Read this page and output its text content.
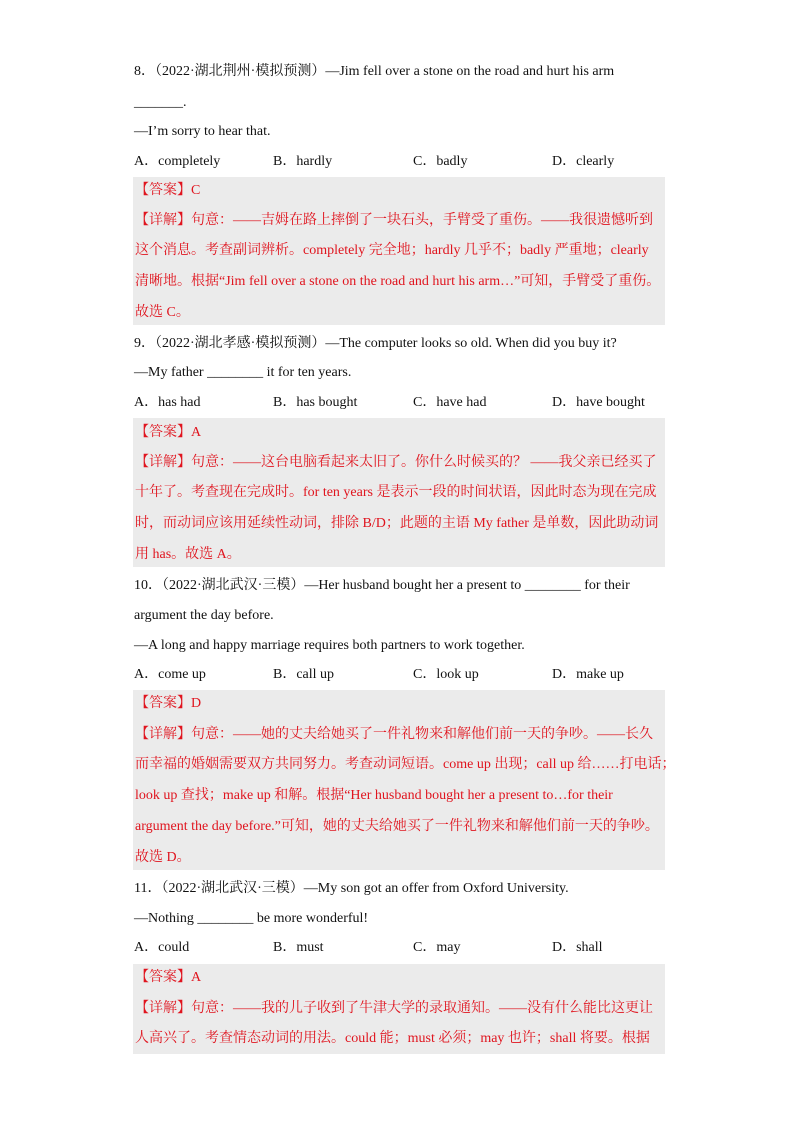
8．（2022·湖北荆州·模拟预测）—Jim fell over a stone on the road and hurt his arm
_______.
—I’m sorry to hear that.
A．completely	B．hardly	C．badly	D．clearly
【答案】C
【详解】句意：——吉姆在路上摔倒了一块石头，手臂受了重伤。——我很遗憾听到
这个消息。考查副词辨析。completely 完全地；hardly 几乎不；badly 严重地；clearly
清晰地。根据“Jim fell over a stone on the road and hurt his arm…”可知，手臂受了重伤。
故选 C。
9．（2022·湖北孝感·模拟预测）—The computer looks so old. When did you buy it?
—My father ________ it for ten years.
A．has had	B．has bought	C．have had	D．have bought
【答案】A
【详解】句意：——这台电脑看起来太旧了。你什么时候买的？ ——我父亲已经买了
十年了。考查现在完成时。for ten years 是表示一段的时间状语，因此时态为现在完成
时，而动词应该用延续性动词，排除 B/D；此题的主语 My father 是单数，因此助动词
用 has。故选 A。
10．（2022·湖北武汉·三模）—Her husband bought her a present to ________ for their
argument the day before.
—A long and happy marriage requires both partners to work together.
A．come up	B．call up	C．look up	D．make up
【答案】D
【详解】句意：——她的丈夫给她买了一件礼物来和解他们前一天的争吵。——长久
而幸福的婚姻需要双方共同努力。考查动词短语。come up 出现；call up 给……打电话；
look up 查找；make up 和解。根据“Her husband bought her a present to…for their
argument the day before.”可知，她的丈夫给她买了一件礼物来和解他们前一天的争吵。
故选 D。
11．（2022·湖北武汉·三模）—My son got an offer from Oxford University.
—Nothing ________ be more wonderful!
A．could	B．must	C．may	D．shall
【答案】A
【详解】句意：——我的儿子收到了牛津大学的录取通知。——没有什么能比这更让
人高兴了。考查情态动词的用法。could 能；must 必须；may 也许；shall 将要。根据
